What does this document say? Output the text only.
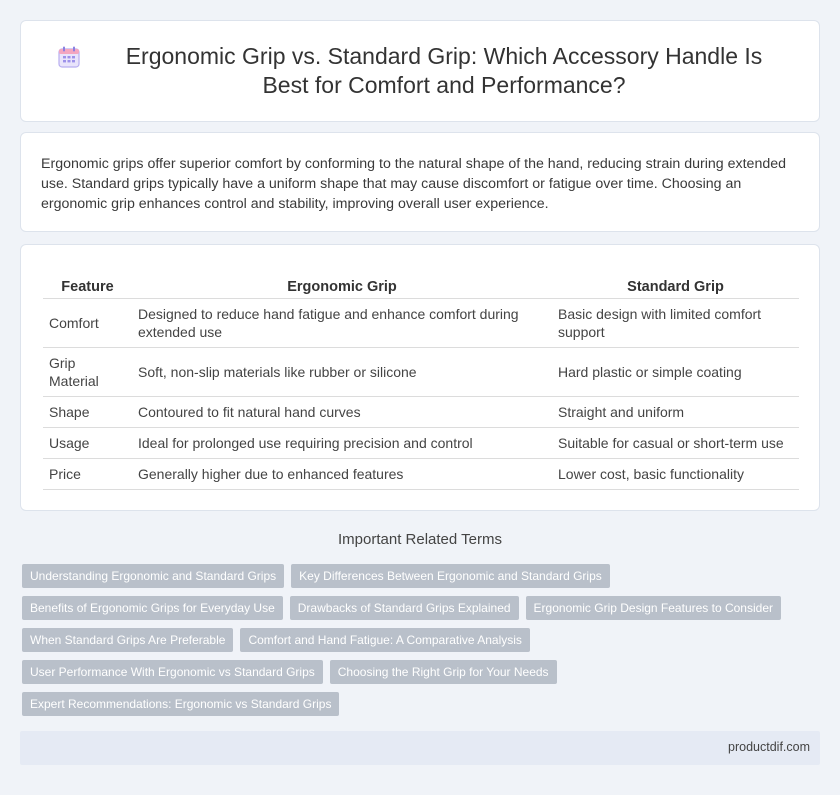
Ergonomic Grip vs. Standard Grip: Which Accessory Handle Is Best for Comfort and Performance?

Ergonomic grips offer superior comfort by conforming to the natural shape of the hand, reducing strain during extended use. Standard grips typically have a uniform shape that may cause discomfort or fatigue over time. Choosing an ergonomic grip enhances control and stability, improving overall user experience.

Feature	Ergonomic Grip	Standard Grip
Comfort	Designed to reduce hand fatigue and enhance comfort during extended use	Basic design with limited comfort support
Grip Material	Soft, non-slip materials like rubber or silicone	Hard plastic or simple coating
Shape	Contoured to fit natural hand curves	Straight and uniform
Usage	Ideal for prolonged use requiring precision and control	Suitable for casual or short-term use
Price	Generally higher due to enhanced features	Lower cost, basic functionality
Important Related Terms
Understanding Ergonomic and Standard Grips	Key Differences Between Ergonomic and Standard Grips
Benefits of Ergonomic Grips for Everyday Use	Drawbacks of Standard Grips Explained	Ergonomic Grip Design Features to Consider
When Standard Grips Are Preferable	Comfort and Hand Fatigue: A Comparative Analysis
User Performance With Ergonomic vs Standard Grips	Choosing the Right Grip for Your Needs
Expert Recommendations: Ergonomic vs Standard Grips
productdif.com
